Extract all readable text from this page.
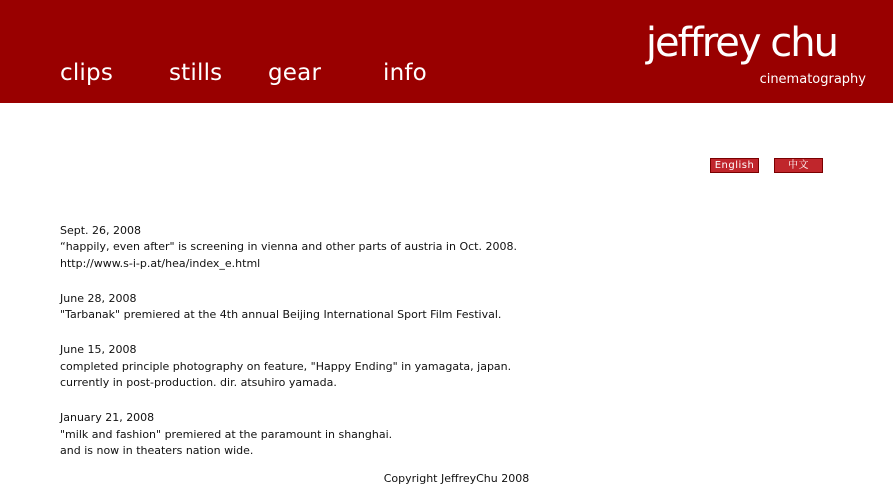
clips stills gear	info
jeffrey chu
cinematography
English	中文

Sept. 26, 2008

“happily, even after" is screening in vienna and other parts of austria in Oct. 2008.

http://www.s-i-p.at/hea/index_e.html

June 28, 2008

"Tarbanak" premiered at the 4th annual Beijing International Sport Film Festival.

June 15, 2008

completed principle photography on feature, "Happy Ending" in yamagata, japan.

currently in post-production. dir. atsuhiro yamada.

January 21, 2008

"milk and fashion" premiered at the paramount in shanghai.

and is now in theaters nation wide.

Copyright JeffreyChu 2008
